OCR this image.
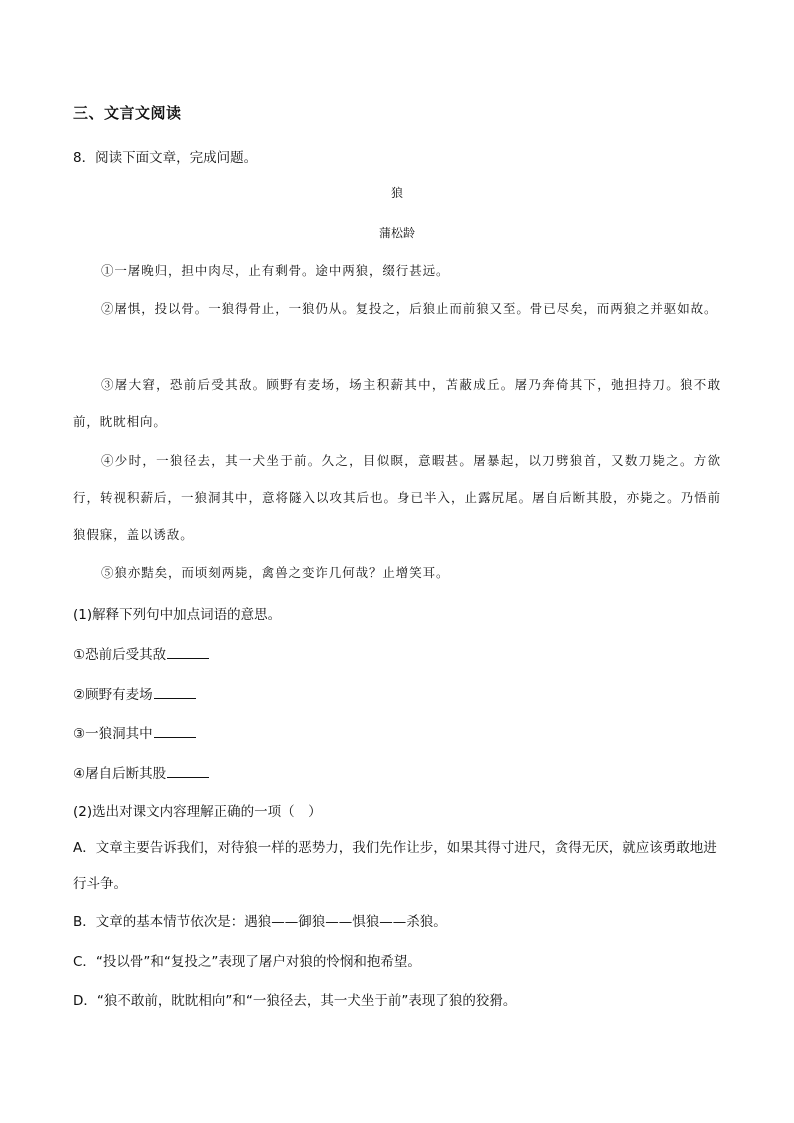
三、文言文阅读
8．阅读下面文章，完成问题。
狼
蒲松龄
①一屠晚归，担中肉尽，止有剩骨。途中两狼，缀行甚远。
②屠惧，投以骨。一狼得骨止，一狼仍从。复投之，后狼止而前狼又至。骨已尽矣，而两狼之并驱如故。
③屠大窘，恐前后受其敌。顾野有麦场，场主积薪其中，苫蔽成丘。屠乃奔倚其下，弛担持刀。狼不敢前，眈眈相向。
④少时，一狼径去，其一犬坐于前。久之，目似瞑，意暇甚。屠暴起，以刀劈狼首，又数刀毙之。方欲行，转视积薪后，一狼洞其中，意将隧入以攻其后也。身已半入，止露尻尾。屠自后断其股，亦毙之。乃悟前狼假寐，盖以诱敌。
⑤狼亦黠矣，而顷刻两毙，禽兽之变诈几何哉？止增笑耳。
(1)解释下列句中加点词语的意思。
①恐前后受其敌
②顾野有麦场
③一狼洞其中
④屠自后断其股
(2)选出对课文内容理解正确的一项（　）
A．文章主要告诉我们，对待狼一样的恶势力，我们先作让步，如果其得寸进尺，贪得无厌，就应该勇敢地进行斗争。
B．文章的基本情节依次是：遇狼——御狼——惧狼——杀狼。
C．“投以骨”和“复投之”表现了屠户对狼的怜悯和抱希望。
D．“狼不敢前，眈眈相向”和“一狼径去，其一犬坐于前”表现了狼的狡猾。
